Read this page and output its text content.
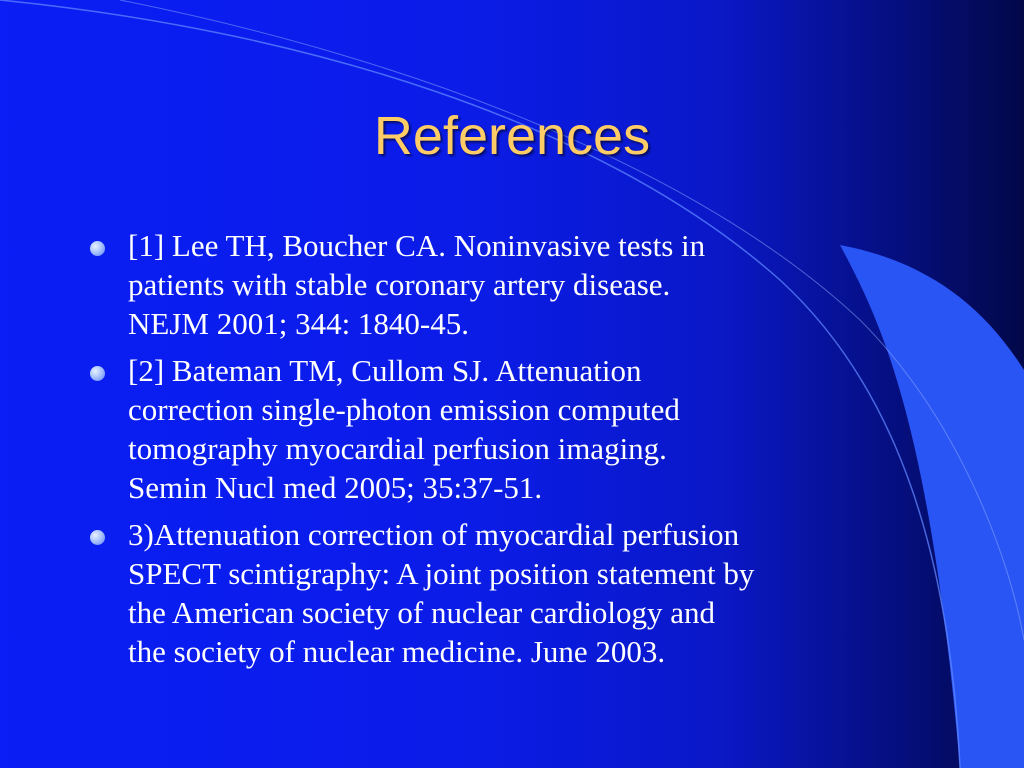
References
[1] Lee TH, Boucher CA. Noninvasive tests in
patients with stable coronary artery disease.
NEJM 2001; 344: 1840-45.
[2] Bateman TM, Cullom SJ. Attenuation
correction single-photon emission computed
tomography myocardial perfusion imaging.
Semin Nucl med 2005; 35:37-51.
3)Attenuation correction of myocardial perfusion
SPECT scintigraphy: A joint position statement by
the American society of nuclear cardiology and
the society of nuclear medicine. June 2003.
